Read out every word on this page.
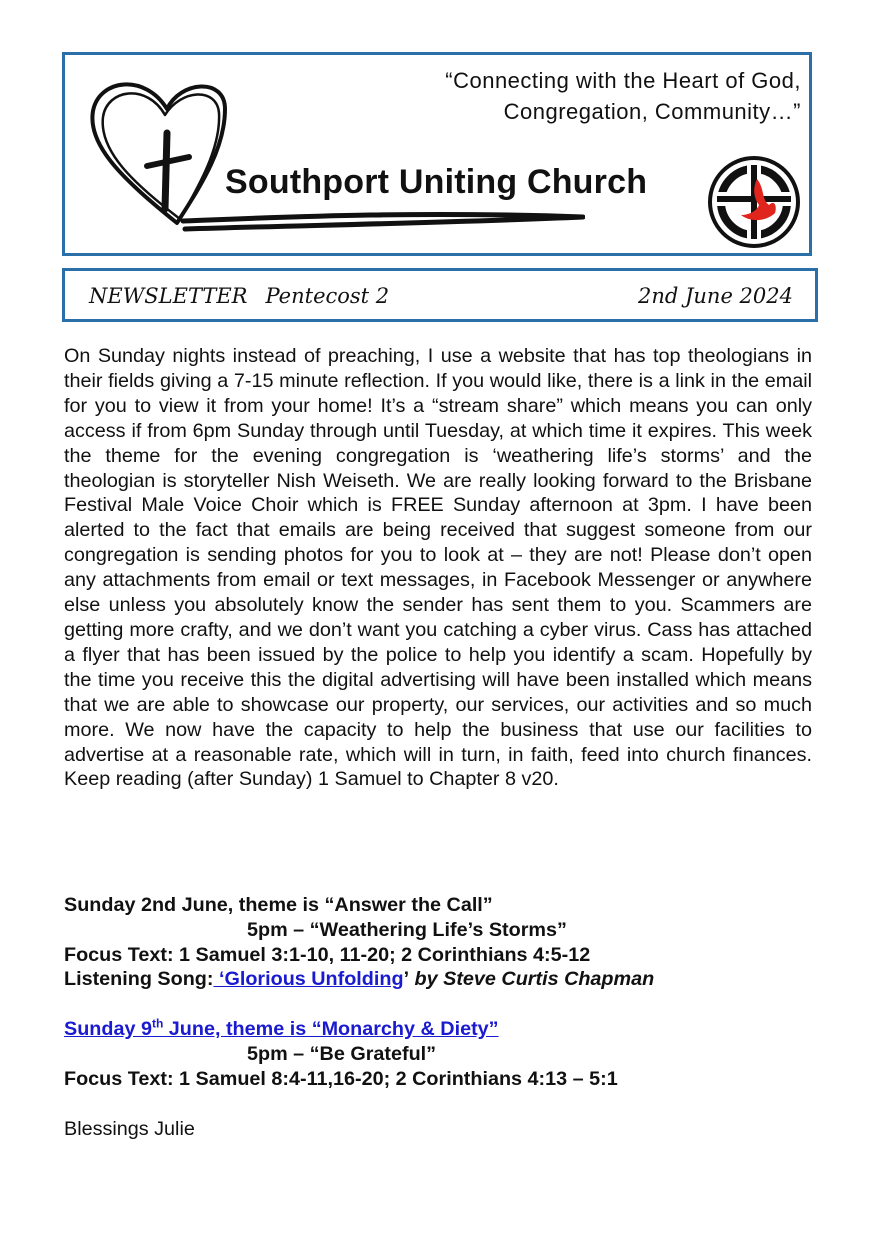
“Connecting with the Heart of God,
Congregation, Community…”
Southport Uniting Church
NEWSLETTER Pentecost 2	2nd June 2024

On Sunday nights instead of preaching, I use a website that has top theologians in their fields giving a 7-15 minute reflection. If you would like, there is a link in the email for you to view it from your home! It’s a “stream share” which means you can only access if from 6pm Sunday through until Tuesday, at which time it expires. This week the theme for the evening congregation is ‘weathering life’s storms’ and the theologian is storyteller Nish Weiseth. We are really looking forward to the Brisbane Festival Male Voice Choir which is FREE Sunday afternoon at 3pm. I have been alerted to the fact that emails are being received that suggest someone from our congregation is sending photos for you to look at – they are not! Please don’t open any attachments from email or text messages, in Facebook Messenger or anywhere else unless you absolutely know the sender has sent them to you. Scammers are getting more crafty, and we don’t want you catching a cyber virus. Cass has attached a flyer that has been issued by the police to help you identify a scam. Hopefully by the time you receive this the digital advertising will have been installed which means that we are able to showcase our property, our services, our activities and so much more. We now have the capacity to help the business that use our facilities to advertise at a reasonable rate, which will in turn, in faith, feed into church finances. Keep reading (after Sunday) 1 Samuel to Chapter 8 v20.

Sunday 2nd June, theme is “Answer the Call”

5pm – “Weathering Life’s Storms”

Focus Text: 1 Samuel 3:1-10, 11-20; 2 Corinthians 4:5-12

Listening Song: ‘Glorious Unfolding’ by Steve Curtis Chapman

Sunday 9th June, theme is “Monarchy & Diety”

5pm – “Be Grateful”

Focus Text: 1 Samuel 8:4-11,16-20; 2 Corinthians 4:13 – 5:1

Blessings Julie
